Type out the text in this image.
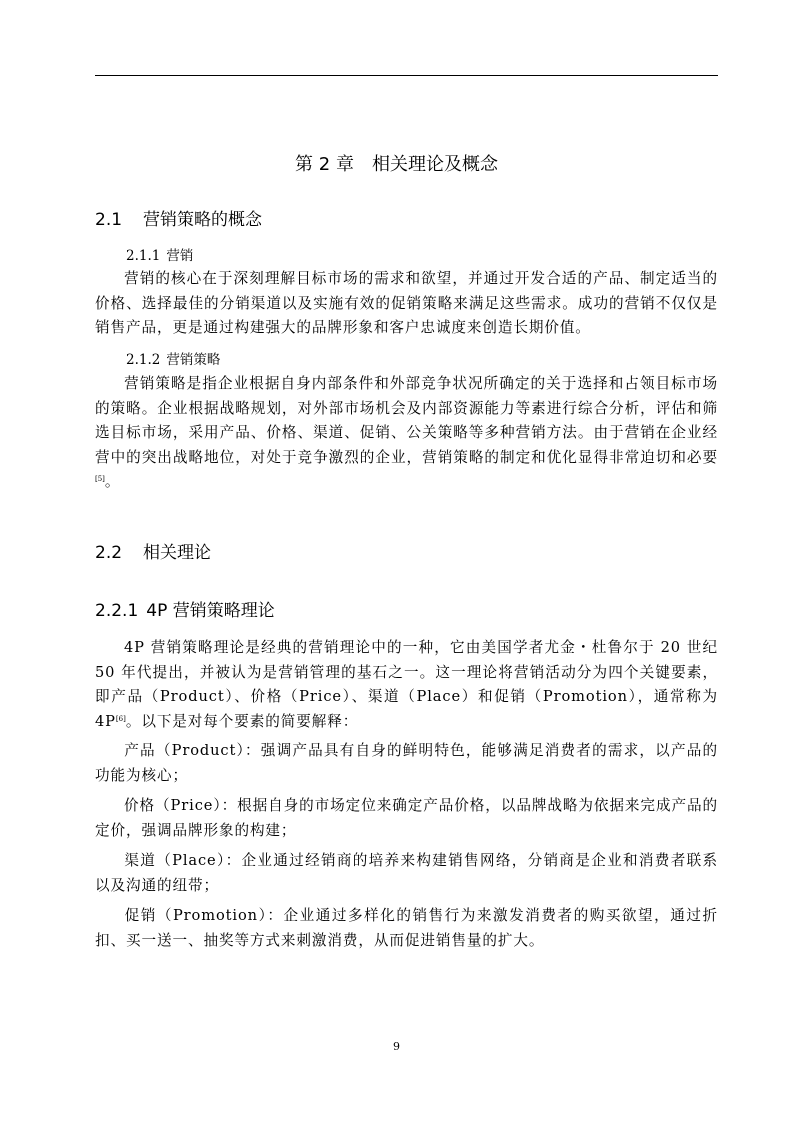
第 2 章 相关理论及概念
2.1 营销策略的概念
2.1.1 营销

营销的核心在于深刻理解目标市场的需求和欲望，并通过开发合适的产品、制定适当的价格、选择最佳的分销渠道以及实施有效的促销策略来满足这些需求。成功的营销不仅仅是销售产品，更是通过构建强大的品牌形象和客户忠诚度来创造长期价值。

2.1.2 营销策略

营销策略是指企业根据自身内部条件和外部竞争状况所确定的关于选择和占领目标市场的策略。企业根据战略规划，对外部市场机会及内部资源能力等素进行综合分析，评估和筛选目标市场，采用产品、价格、渠道、促销、公关策略等多种营销方法。由于营销在企业经营中的突出战略地位，对处于竞争激烈的企业，营销策略的制定和优化显得非常迫切和必要[5]。

2.2 相关理论
2.2.1 4P 营销策略理论

4P 营销策略理论是经典的营销理论中的一种，它由美国学者尤金・杜鲁尔于 20 世纪 50 年代提出，并被认为是营销管理的基石之一。这一理论将营销活动分为四个关键要素，即产品（Product）、价格（Price）、渠道（Place）和促销（Promotion），通常称为 4P[6]。以下是对每个要素的简要解释：

产品（Product）：强调产品具有自身的鲜明特色，能够满足消费者的需求，以产品的功能为核心；

价格（Price）：根据自身的市场定位来确定产品价格，以品牌战略为依据来完成产品的定价，强调品牌形象的构建；

渠道（Place）：企业通过经销商的培养来构建销售网络，分销商是企业和消费者联系以及沟通的纽带；

促销（Promotion）：企业通过多样化的销售行为来激发消费者的购买欲望，通过折扣、买一送一、抽奖等方式来刺激消费，从而促进销售量的扩大。

9
